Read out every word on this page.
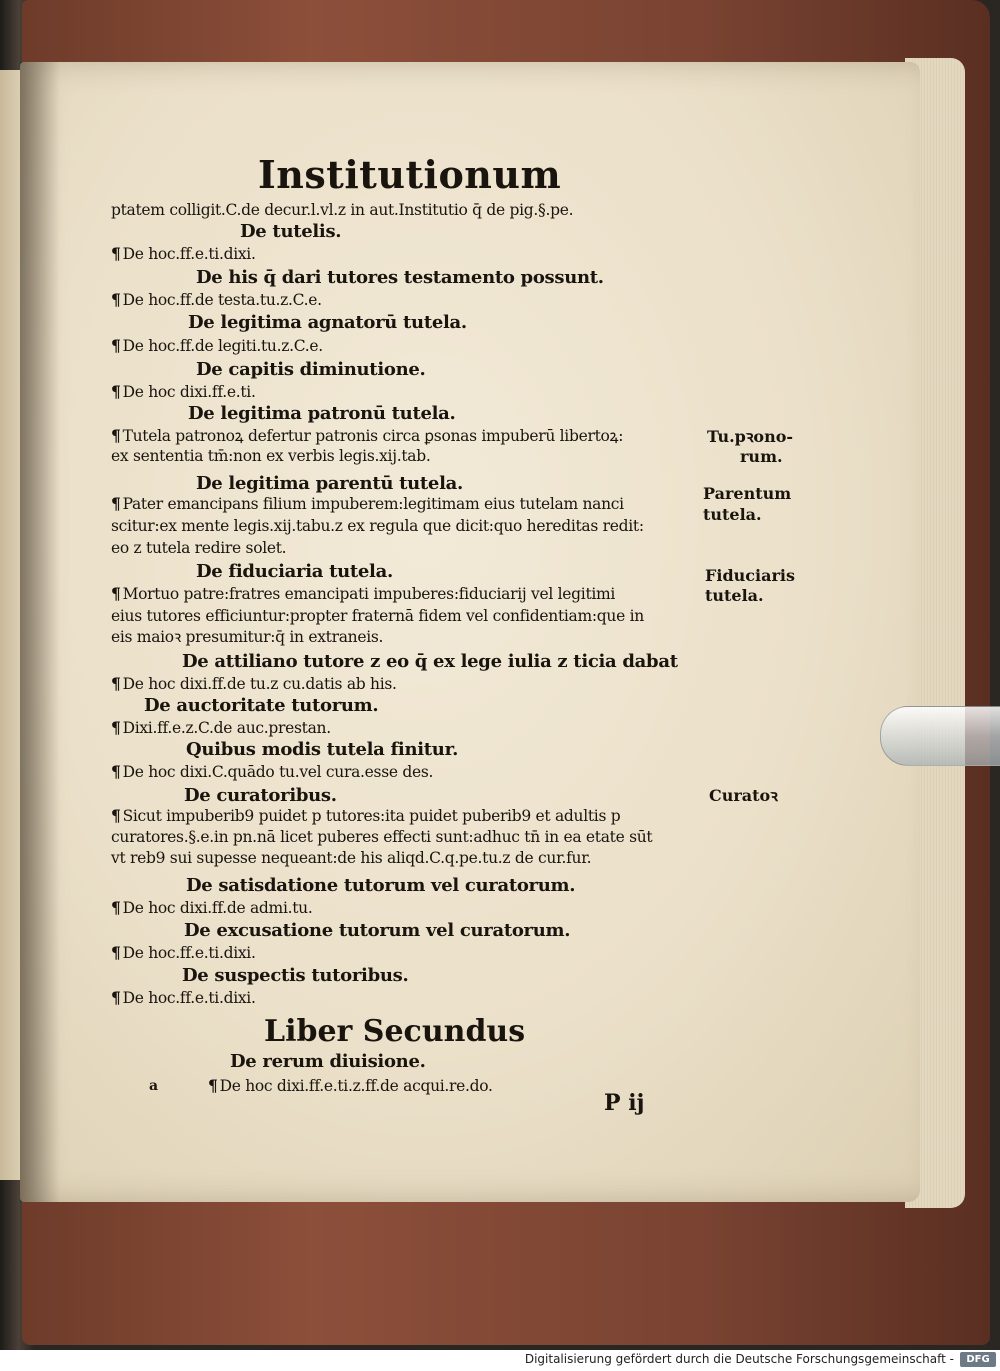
Institutionum
ptatem colligit.C.de decur.l.vl.z in aut.Institutio q̄ de pig.§.pe.
De tutelis.
¶ De hoc.ff.e.ti.dixi.
De his q̄ dari tutores testamento possunt.
¶ De hoc.ff.de testa.tu.z.C.e.
De legitima agnatorū tutela.
¶ De hoc.ff.de legiti.tu.z.C.e.
De capitis diminutione.
¶ De hoc dixi.ff.e.ti.
De legitima patronū tutela.
¶ Tutela patronoꝝ defertur patronis circa ꝑsonas impuberū libertoꝝ:
ex sententia tm̄:non ex verbis legis.xij.tab.
De legitima parentū tutela.
¶ Pater emancipans filium impuberem:legitimam eius tutelam nanci
scitur:ex mente legis.xij.tabu.z ex regula que dicit:quo hereditas redit:
eo z tutela redire solet.
De fiduciaria tutela.
¶ Mortuo patre:fratres emancipati impuberes:fiduciarij vel legitimi
eius tutores efficiuntur:propter fraternā fidem vel confidentiam:que in
eis maioꝛ presumitur:q̄ in extraneis.
De attiliano tutore z eo q̄ ex lege iulia z ticia dabat
¶ De hoc dixi.ff.de tu.z cu.datis ab his.
De auctoritate tutorum.
¶ Dixi.ff.e.z.C.de auc.prestan.
Quibus modis tutela finitur.
¶ De hoc dixi.C.quādo tu.vel cura.esse des.
De curatoribus.
¶ Sicut impuberib9 puidet p tutores:ita puidet puberib9 et adultis p
curatores.§.e.in pn.nā licet puberes effecti sunt:adhuc tn̄ in ea etate sūt
vt reb9 sui supesse nequeant:de his aliqd.C.q.pe.tu.z de cur.fur.
De satisdatione tutorum vel curatorum.
¶ De hoc dixi.ff.de admi.tu.
De excusatione tutorum vel curatorum.
¶ De hoc.ff.e.ti.dixi.
De suspectis tutoribus.
¶ De hoc.ff.e.ti.dixi.
Tu.pꝛono-
rum.
Parentum
tutela.
Fiduciaris
tutela.
Curatoꝛ
Liber Secundus
De rerum diuisione.
a	¶ De hoc dixi.ff.e.ti.z.ff.de acqui.re.do.
P ij
Digitalisierung gefördert durch die Deutsche Forschungsgemeinschaft -	DFG
